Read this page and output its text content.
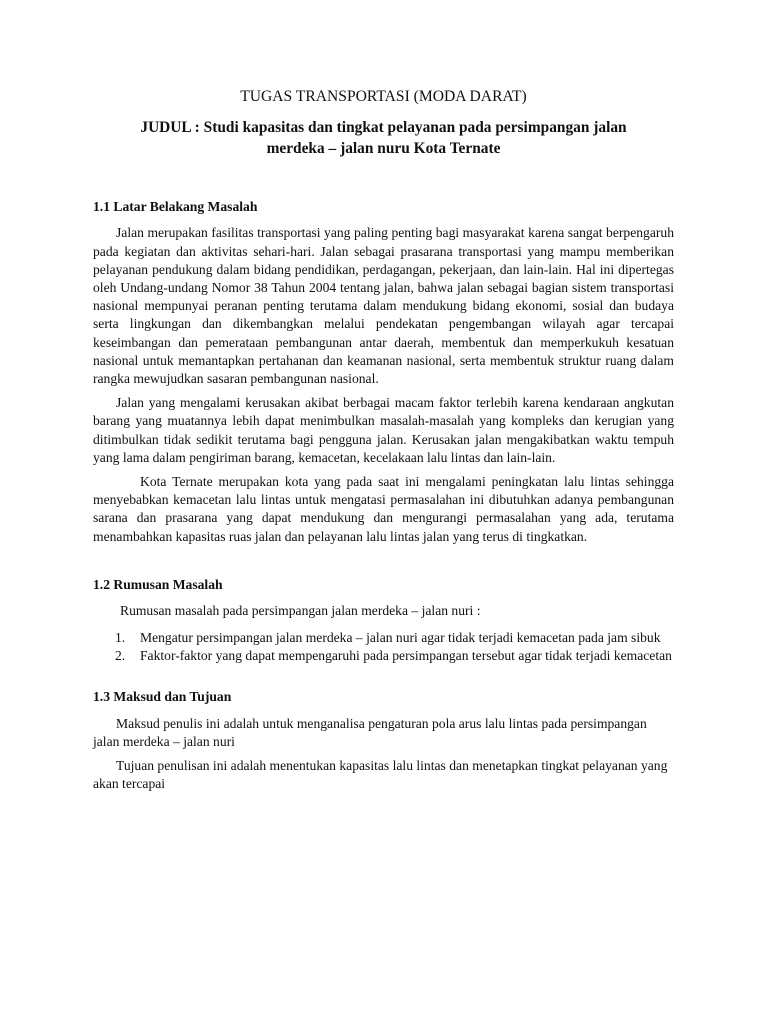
TUGAS TRANSPORTASI (MODA DARAT)
JUDUL : Studi kapasitas dan tingkat pelayanan pada persimpangan jalan
merdeka – jalan nuru Kota Ternate
1.1 Latar Belakang Masalah

Jalan merupakan fasilitas transportasi yang paling penting bagi masyarakat karena sangat berpengaruh pada kegiatan dan aktivitas sehari-hari. Jalan sebagai prasarana transportasi yang mampu memberikan pelayanan pendukung dalam bidang pendidikan, perdagangan, pekerjaan, dan lain-lain. Hal ini dipertegas oleh Undang-undang Nomor 38 Tahun 2004 tentang jalan, bahwa jalan sebagai bagian sistem transportasi nasional mempunyai peranan penting terutama dalam mendukung bidang ekonomi, sosial dan budaya serta lingkungan dan dikembangkan melalui pendekatan pengembangan wilayah agar tercapai keseimbangan dan pemerataan pembangunan antar daerah, membentuk dan memperkukuh kesatuan nasional untuk memantapkan pertahanan dan keamanan nasional, serta membentuk struktur ruang dalam rangka mewujudkan sasaran pembangunan nasional.

Jalan yang mengalami kerusakan akibat berbagai macam faktor terlebih karena kendaraan angkutan barang yang muatannya lebih dapat menimbulkan masalah-masalah yang kompleks dan kerugian yang ditimbulkan tidak sedikit terutama bagi pengguna jalan. Kerusakan jalan mengakibatkan waktu tempuh yang lama dalam pengiriman barang, kemacetan, kecelakaan lalu lintas dan lain-lain.

Kota Ternate merupakan kota yang pada saat ini mengalami peningkatan lalu lintas sehingga menyebabkan kemacetan lalu lintas untuk mengatasi permasalahan ini dibutuhkan adanya pembangunan sarana dan prasarana yang dapat mendukung dan mengurangi permasalahan yang ada, terutama menambahkan kapasitas ruas jalan dan pelayanan lalu lintas jalan yang terus di tingkatkan.

1.2 Rumusan Masalah

Rumusan masalah pada persimpangan jalan merdeka – jalan nuri :

1. Mengatur persimpangan jalan merdeka – jalan nuri agar tidak terjadi kemacetan pada jam sibuk
2. Faktor-faktor yang dapat mempengaruhi pada persimpangan tersebut agar tidak terjadi kemacetan
1.3 Maksud dan Tujuan

Maksud penulis ini adalah untuk menganalisa pengaturan pola arus lalu lintas pada persimpangan jalan merdeka – jalan nuri

Tujuan penulisan ini adalah menentukan kapasitas lalu lintas dan menetapkan tingkat pelayanan yang akan tercapai
